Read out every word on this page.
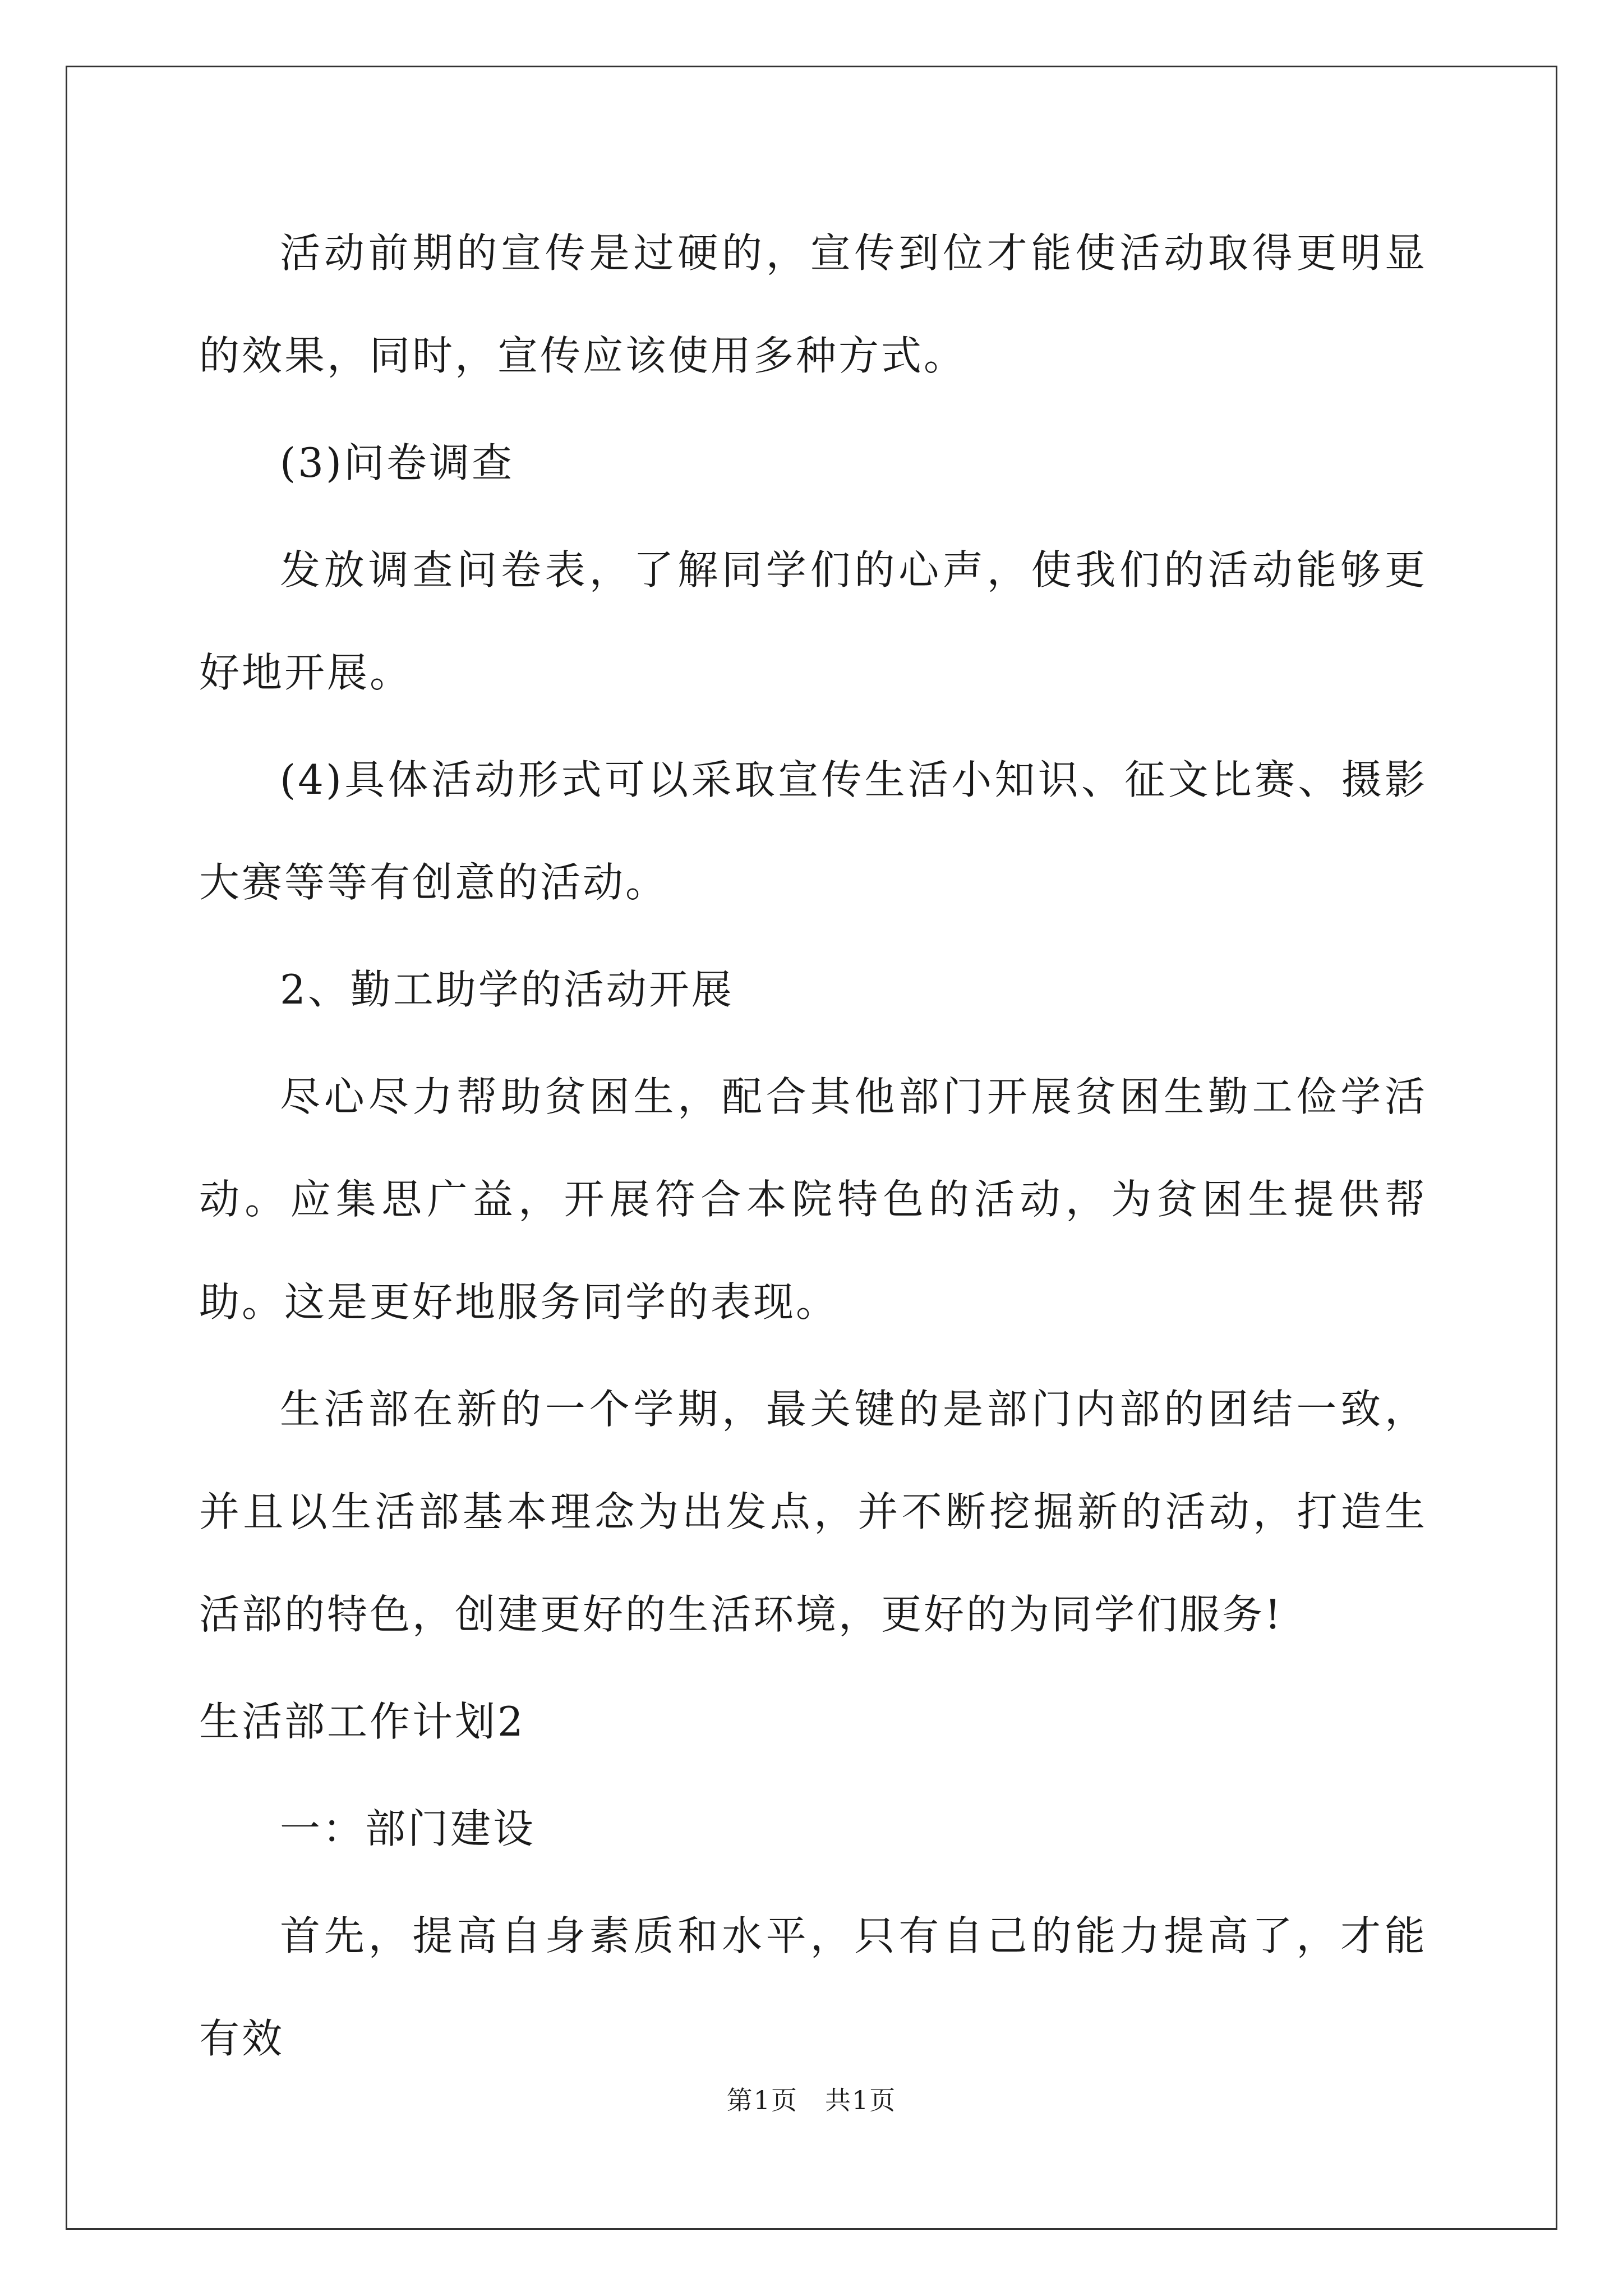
活动前期的宣传是过硬的，宣传到位才能使活动取得更明显的效果，同时，宣传应该使用多种方式。

(3)问卷调查

发放调查问卷表，了解同学们的心声，使我们的活动能够更好地开展。

(4)具体活动形式可以采取宣传生活小知识、征文比赛、摄影大赛等等有创意的活动。

2、勤工助学的活动开展

尽心尽力帮助贫困生，配合其他部门开展贫困生勤工俭学活动。应集思广益，开展符合本院特色的活动，为贫困生提供帮助。这是更好地服务同学的表现。

生活部在新的一个学期，最关键的是部门内部的团结一致，并且以生活部基本理念为出发点，并不断挖掘新的活动，打造生活部的特色，创建更好的生活环境，更好的为同学们服务!

生活部工作计划2

一：部门建设

首先，提高自身素质和水平，只有自己的能力提高了，才能有效

第1页　共1页
